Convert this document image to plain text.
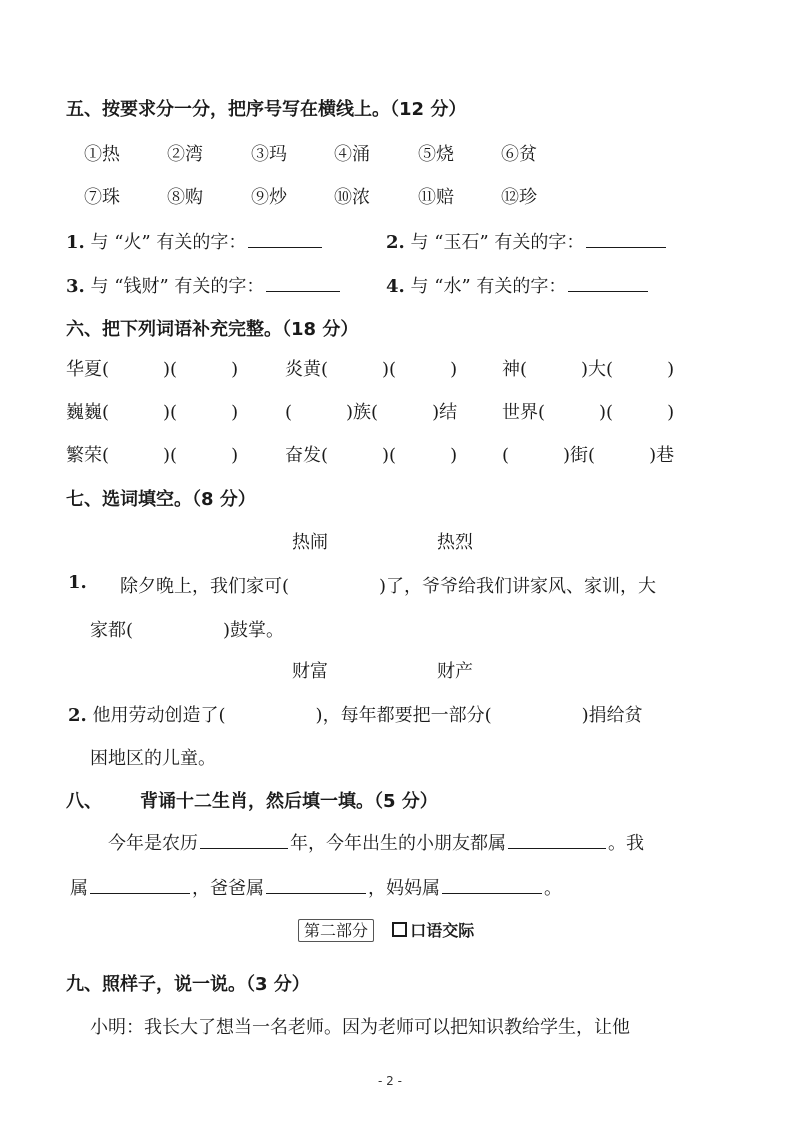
五、按要求分一分，把序号写在横线上。（12 分）
①热	②湾	③玛	④涌	⑤烧	⑥贫
⑦珠	⑧购	⑨炒	⑩浓	⑪赔	⑫珍
1. 与 “火” 有关的字：	2. 与 “玉石” 有关的字：
3. 与 “钱财” 有关的字：	4. 与 “水” 有关的字：
六、把下列词语补充完整。（18 分）
华夏(　　　)(　　　)	炎黄(　　　)(　　　) 神(　　　)大(　　　)
巍巍(　　　)(　　　)	(　　　)族(　　　)结 世界(　　　)(　　　)
繁荣(　　　)(　　　)	奋发(　　　)(　　　) (　　　)街(　　　)巷
七、选词填空。（8 分）
热闹	热烈
1. 除夕晚上，我们家可(　　　　　)了，爷爷给我们讲家风、家训，大
家都(　　　　　)鼓掌。
财富	财产
2. 他用劳动创造了(　　　　　)，每年都要把一部分(　　　　　)捐给贫
困地区的儿童。
八、 背诵十二生肖，然后填一填。（5 分）
今年是农历	年，今年出生的小朋友都属	。我
属	，爸爸属	，妈妈属	。
第二部分	口语交际
九、照样子，说一说。（3 分）
小明：我长大了想当一名老师。因为老师可以把知识教给学生，让他
- 2 -
